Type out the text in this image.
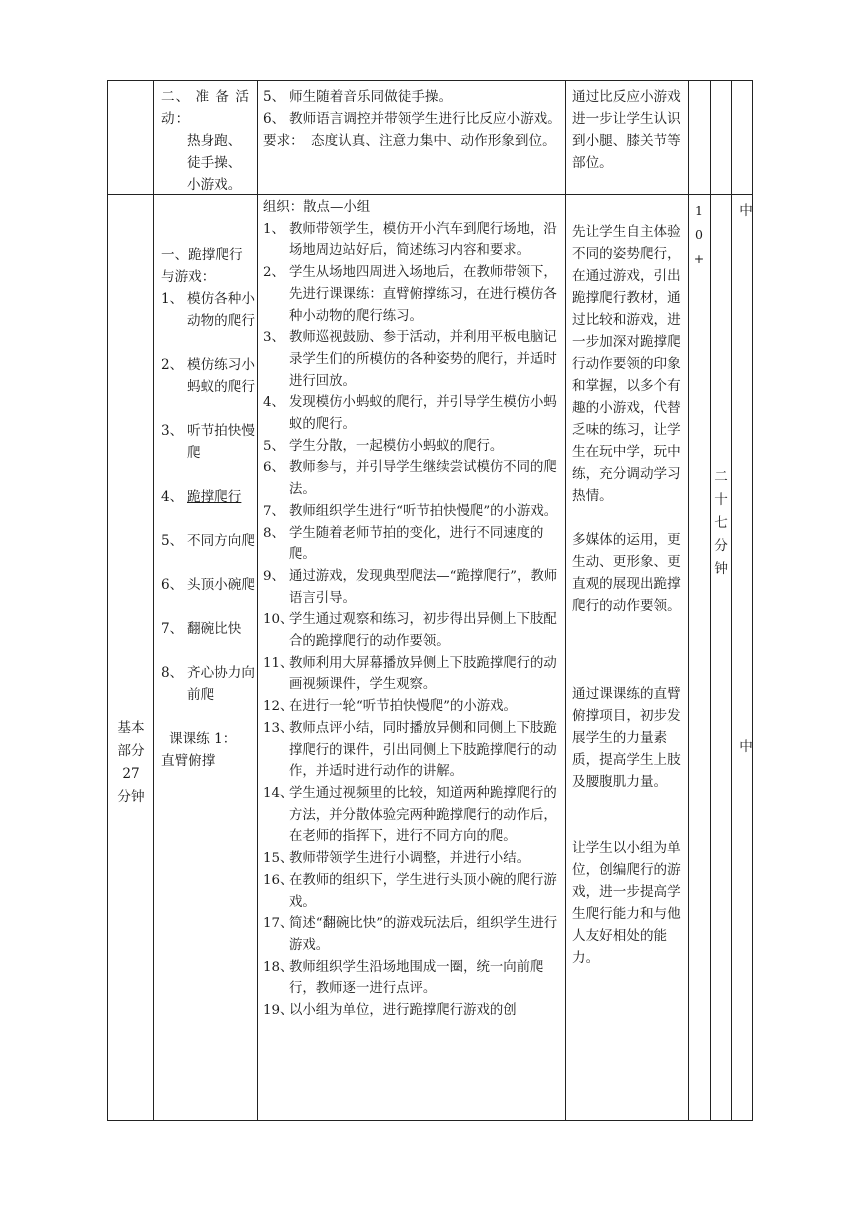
二、 准 备 活 动：

热身跑、

徒手操、

小游戏。

5、 师生随着音乐同做徒手操。
6、 教师语言调控并带领学生进行比反应小游戏。
要求： 态度认真、注意力集中、动作形象到位。

通过比反应小游戏进一步让学生认识到小腿、膝关节等部位。

基本

部分

27

分钟

一、跪撑爬行与游戏：

1、 模仿各种小动物的爬行
2、 模仿练习小蚂蚁的爬行
3、 听节拍快慢爬
4、 跪撑爬行
5、 不同方向爬
6、 头顶小碗爬
7、 翻碗比快
8、 齐心协力向前爬

课课练 1：

直臂俯撑

组织：散点—小组

1、 教师带领学生，模仿开小汽车到爬行场地，沿场地周边站好后，简述练习内容和要求。
2、 学生从场地四周进入场地后，在教师带领下，先进行课课练：直臂俯撑练习，在进行模仿各种小动物的爬行练习。
3、 教师巡视鼓励、参于活动，并利用平板电脑记录学生们的所模仿的各种姿势的爬行，并适时进行回放。
4、 发现模仿小蚂蚁的爬行，并引导学生模仿小蚂蚁的爬行。
5、 学生分散，一起模仿小蚂蚁的爬行。
6、 教师参与，并引导学生继续尝试模仿不同的爬法。
7、 教师组织学生进行“听节拍快慢爬”的小游戏。
8、 学生随着老师节拍的变化，进行不同速度的爬。
9、 通过游戏，发现典型爬法—“跪撑爬行”，教师语言引导。
10、
学生通过观察和练习，初步得出异侧上下肢配合的跪撑爬行的动作要领。
11、
教师利用大屏幕播放异侧上下肢跪撑爬行的动画视频课件，学生观察。
12、
在进行一轮“听节拍快慢爬”的小游戏。
13、
教师点评小结，同时播放异侧和同侧上下肢跪撑爬行的课件，引出同侧上下肢跪撑爬行的动作，并适时进行动作的讲解。
14、
学生通过视频里的比较，知道两种跪撑爬行的方法，并分散体验完两种跪撑爬行的动作后，在老师的指挥下，进行不同方向的爬。
15、
教师带领学生进行小调整，并进行小结。
16、
在教师的组织下，学生进行头顶小碗的爬行游戏。
17、
简述“翻碗比快”的游戏玩法后，组织学生进行游戏。
18、
教师组织学生沿场地围成一圈，统一向前爬行，教师逐一进行点评。
19、
以小组为单位，进行跪撑爬行游戏的创

先让学生自主体验不同的姿势爬行，在通过游戏，引出跪撑爬行教材，通过比较和游戏，进一步加深对跪撑爬行动作要领的印象和掌握，以多个有趣的小游戏，代替乏味的练习，让学生在玩中学，玩中练，充分调动学习热情。

多媒体的运用，更生动、更形象、更直观的展现出跪撑爬行的动作要领。

通过课课练的直臂俯撑项目，初步发展学生的力量素质，提高学生上肢及腰腹肌力量。

让学生以小组为单位，创编爬行的游戏，进一步提高学生爬行能力和与他人友好相处的能力。

1

0

+

二

十

七

分

钟

中
中
